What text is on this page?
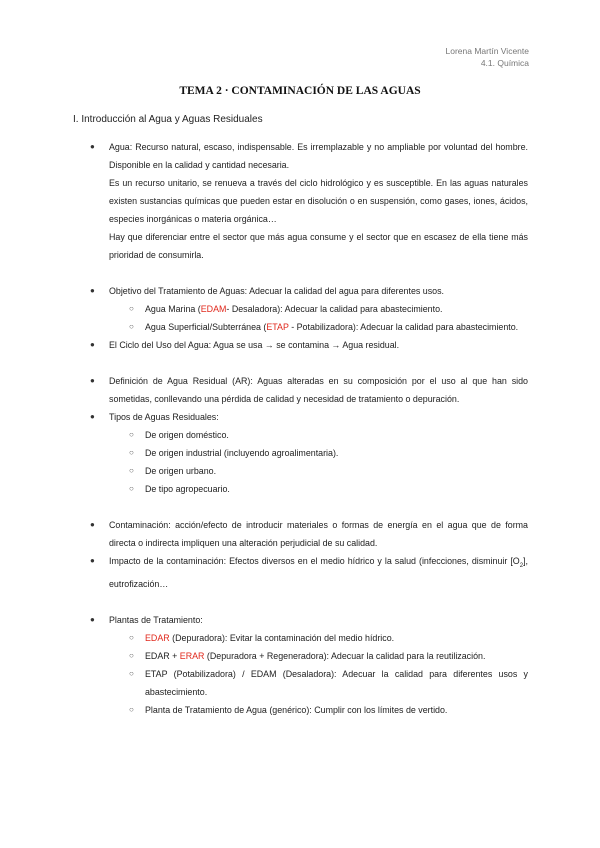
Lorena Martín Vicente
4.1. Química
TEMA 2 · CONTAMINACIÓN DE LAS AGUAS
I. Introducción al Agua y Aguas Residuales
● Agua: Recurso natural, escaso, indispensable. Es irremplazable y no ampliable por voluntad del hombre. Disponible en la calidad y cantidad necesaria.
Es un recurso unitario, se renueva a través del ciclo hidrológico y es susceptible. En las aguas naturales existen sustancias químicas que pueden estar en disolución o en suspensión, como gases, iones, ácidos, especies inorgánicas o materia orgánica…
Hay que diferenciar entre el sector que más agua consume y el sector que en escasez de ella tiene más prioridad de consumirla.
● Objetivo del Tratamiento de Aguas: Adecuar la calidad del agua para diferentes usos.
○ Agua Marina (EDAM- Desaladora): Adecuar la calidad para abastecimiento.
○ Agua Superficial/Subterránea (ETAP - Potabilizadora): Adecuar la calidad para abastecimiento.
● El Ciclo del Uso del Agua: Agua se usa → se contamina → Agua residual.
● Definición de Agua Residual (AR): Aguas alteradas en su composición por el uso al que han sido sometidas, conllevando una pérdida de calidad y necesidad de tratamiento o depuración.
● Tipos de Aguas Residuales:
○ De origen doméstico.
○ De origen industrial (incluyendo agroalimentaria).
○ De origen urbano.
○ De tipo agropecuario.
● Contaminación: acción/efecto de introducir materiales o formas de energía en el agua que de forma directa o indirecta impliquen una alteración perjudicial de su calidad.
● Impacto de la contaminación: Efectos diversos en el medio hídrico y la salud (infecciones, disminuir $[O_2]$, eutrofización…
● Plantas de Tratamiento:
○ EDAR (Depuradora): Evitar la contaminación del medio hídrico.
○ EDAR + ERAR (Depuradora + Regeneradora): Adecuar la calidad para la reutilización.
○ ETAP (Potabilizadora) / EDAM (Desaladora): Adecuar la calidad para diferentes usos y abastecimiento.
○ Planta de Tratamiento de Agua (genérico): Cumplir con los límites de vertido.
